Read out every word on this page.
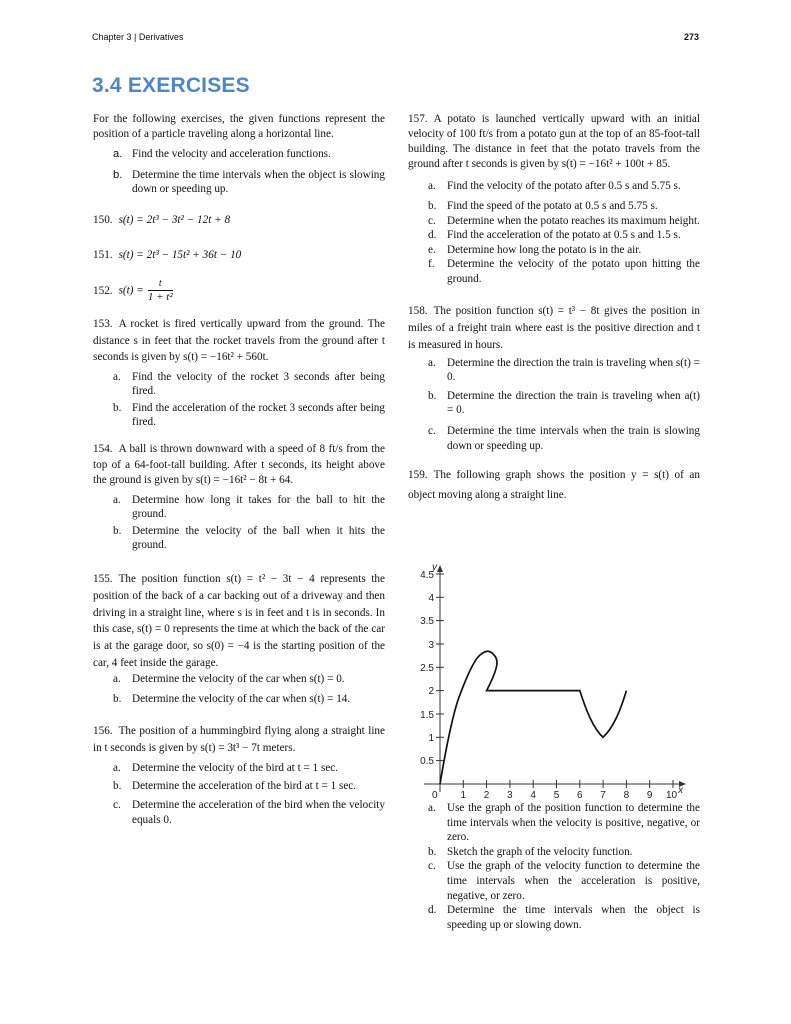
Chapter 3 | Derivatives	273
3.4 EXERCISES

For the following exercises, the given functions represent the position of a particle traveling along a horizontal line.

a. Find the velocity and acceleration functions.
b. Determine the time intervals when the object is slowing down or speeding up.

150. s(t) = 2t³ − 3t² − 12t + 8

151. s(t) = 2t³ − 15t² + 36t − 10

152. $s(t) = \frac{t}{\text{1 + t²}}$

153. A rocket is fired vertically upward from the ground. The distance s in feet that the rocket travels from the ground after t seconds is given by s(t) = −16t² + 560t.

a. Find the velocity of the rocket 3 seconds after being fired.
b. Find the acceleration of the rocket 3 seconds after being fired.

154. A ball is thrown downward with a speed of 8 ft/s from the top of a 64-foot-tall building. After t seconds, its height above the ground is given by s(t) = −16t² − 8t + 64.

a. Determine how long it takes for the ball to hit the ground.
b. Determine the velocity of the ball when it hits the ground.

155. The position function s(t) = t² − 3t − 4 represents the position of the back of a car backing out of a driveway and then driving in a straight line, where s is in feet and t is in seconds. In this case, s(t) = 0 represents the time at which the back of the car is at the garage door, so s(0) = −4 is the starting position of the car, 4 feet inside the garage.

a. Determine the velocity of the car when s(t) = 0.
b. Determine the velocity of the car when s(t) = 14.

156. The position of a hummingbird flying along a straight line in t seconds is given by s(t) = 3t³ − 7t meters.

a. Determine the velocity of the bird at t = 1 sec.
b. Determine the acceleration of the bird at t = 1 sec.
c. Determine the acceleration of the bird when the velocity equals 0.

157. A potato is launched vertically upward with an initial velocity of 100 ft/s from a potato gun at the top of an 85-foot-tall building. The distance in feet that the potato travels from the ground after t seconds is given by s(t) = −16t² + 100t + 85.

a. Find the velocity of the potato after 0.5 s and 5.75 s.
b. Find the speed of the potato at 0.5 s and 5.75 s.
c. Determine when the potato reaches its maximum height.
d. Find the acceleration of the potato at 0.5 s and 1.5 s.
e. Determine how long the potato is in the air.
f. Determine the velocity of the potato upon hitting the ground.

158. The position function s(t) = t³ − 8t gives the position in miles of a freight train where east is the positive direction and t is measured in hours.

a. Determine the direction the train is traveling when s(t) = 0.
b. Determine the direction the train is traveling when a(t) = 0.
c. Determine the time intervals when the train is slowing down or speeding up.

159. The following graph shows the position y = s(t) of an object moving along a straight line.

0 1 2 3 4 5 6 7 8 9 10 x
0.5
1
1.5
2
2.5
3
3.5
4
4.5
y
a. Use the graph of the position function to determine the time intervals when the velocity is positive, negative, or zero.
b. Sketch the graph of the velocity function.
c. Use the graph of the velocity function to determine the time intervals when the acceleration is positive, negative, or zero.
d. Determine the time intervals when the object is speeding up or slowing down.
